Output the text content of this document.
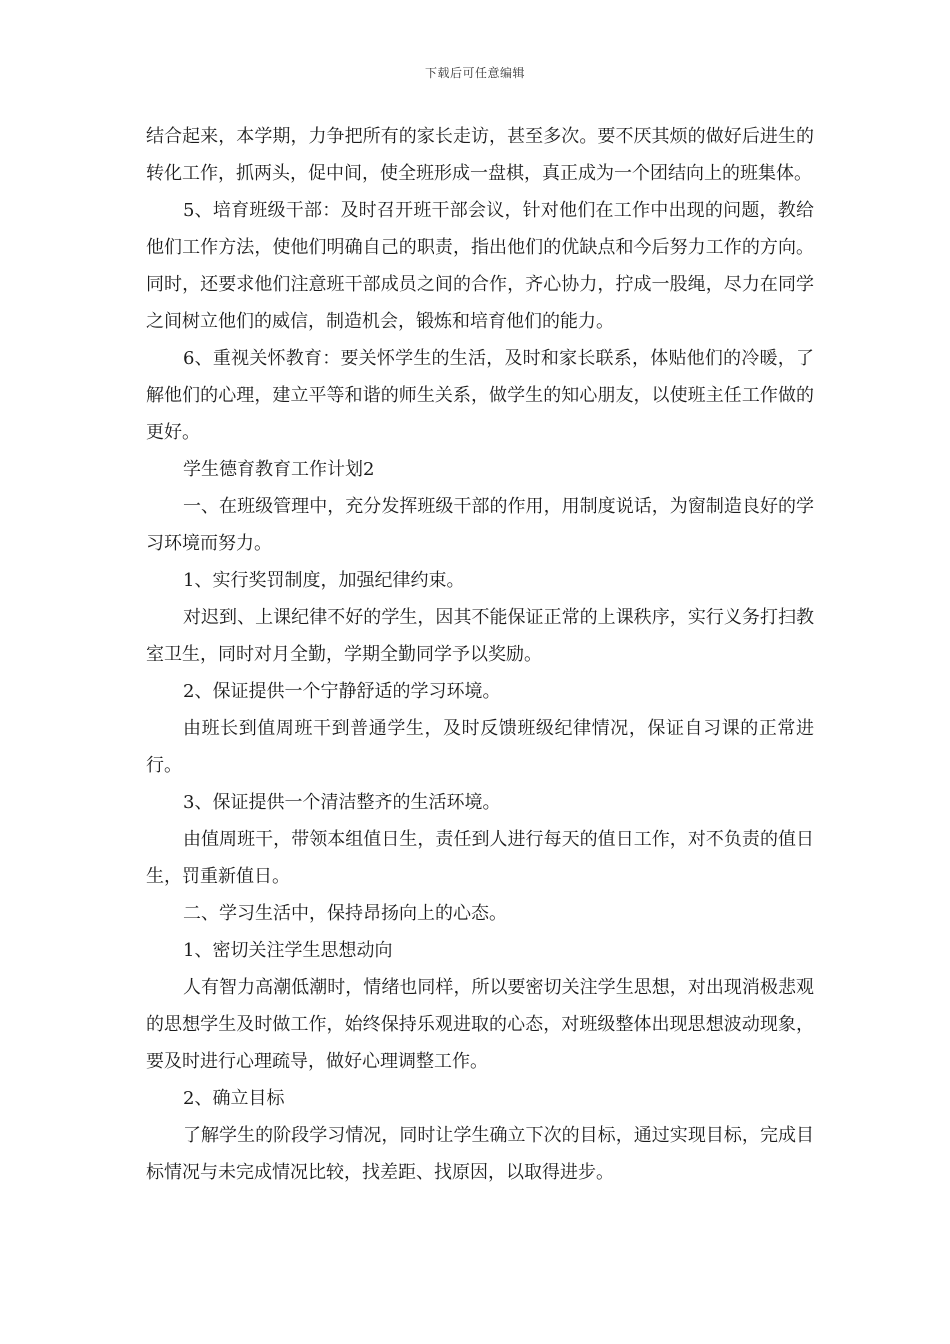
下载后可任意编辑

结合起来，本学期，力争把所有的家长走访，甚至多次。要不厌其烦的做好后进生的转化工作，抓两头，促中间，使全班形成一盘棋，真正成为一个团结向上的班集体。

5、培育班级干部：及时召开班干部会议，针对他们在工作中出现的问题，教给他们工作方法，使他们明确自己的职责，指出他们的优缺点和今后努力工作的方向。同时，还要求他们注意班干部成员之间的合作，齐心协力，拧成一股绳，尽力在同学之间树立他们的威信，制造机会，锻炼和培育他们的能力。

6、重视关怀教育：要关怀学生的生活，及时和家长联系，体贴他们的冷暖，了解他们的心理，建立平等和谐的师生关系，做学生的知心朋友，以使班主任工作做的更好。

学生德育教育工作计划2

一、在班级管理中，充分发挥班级干部的作用，用制度说话，为窗制造良好的学习环境而努力。

1、实行奖罚制度，加强纪律约束。

对迟到、上课纪律不好的学生，因其不能保证正常的上课秩序，实行义务打扫教室卫生，同时对月全勤，学期全勤同学予以奖励。

2、保证提供一个宁静舒适的学习环境。

由班长到值周班干到普通学生，及时反馈班级纪律情况，保证自习课的正常进行。

3、保证提供一个清洁整齐的生活环境。

由值周班干，带领本组值日生，责任到人进行每天的值日工作，对不负责的值日生，罚重新值日。

二、学习生活中，保持昂扬向上的心态。

1、密切关注学生思想动向

人有智力高潮低潮时，情绪也同样，所以要密切关注学生思想，对出现消极悲观的思想学生及时做工作，始终保持乐观进取的心态，对班级整体出现思想波动现象，要及时进行心理疏导，做好心理调整工作。

2、确立目标

了解学生的阶段学习情况，同时让学生确立下次的目标，通过实现目标，完成目标情况与未完成情况比较，找差距、找原因，以取得进步。
